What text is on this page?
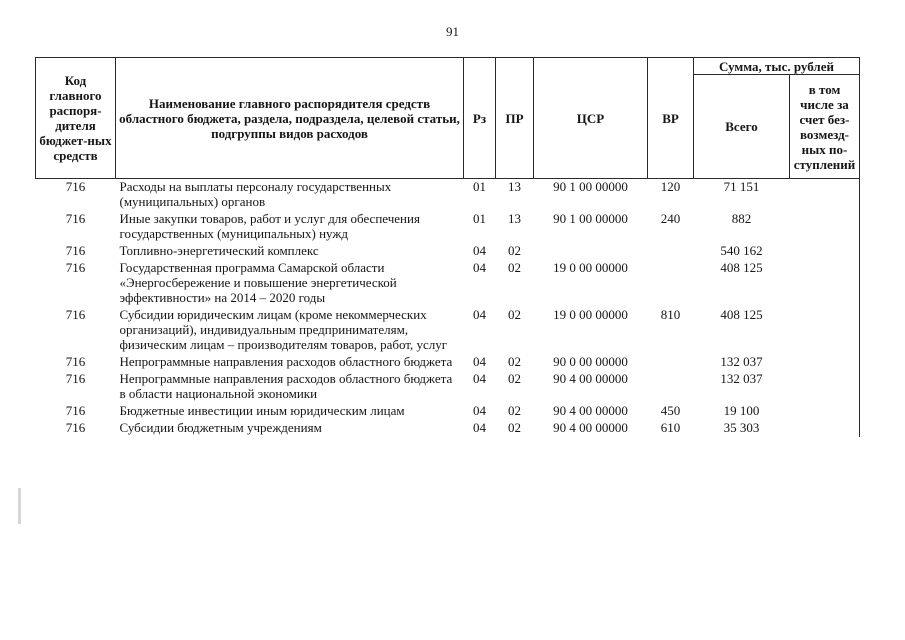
91
Код главного распоря-дителя бюджет-ных средств	Наименование главного распорядителя средств областного бюджета, раздела, подраздела, целевой статьи, подгруппы видов расходов	Рз	ПР	ЦСР	ВР	Сумма, тыс. рублей	
						Всего	в том числе за счет без-возмезд-ных по-ступлений
716	Расходы на выплаты персоналу государственных (муниципальных) органов	01	13	90 1 00 00000	120	71 151	
716	Иные закупки товаров, работ и услуг для обеспечения государственных (муниципальных) нужд	01	13	90 1 00 00000	240	882	
716	Топливно-энергетический комплекс	04	02			540 162	
716	Государственная программа Самарской области «Энергосбережение и повышение энергетической эффективности» на 2014 – 2020 годы	04	02	19 0 00 00000		408 125	
716	Субсидии юридическим лицам (кроме некоммерческих организаций), индивидуальным предпринимателям, физическим лицам – производителям товаров, работ, услуг	04	02	19 0 00 00000	810	408 125	
716	Непрограммные направления расходов областного бюджета	04	02	90 0 00 00000		132 037	
716	Непрограммные направления расходов областного бюджета в области национальной экономики	04	02	90 4 00 00000		132 037	
716	Бюджетные инвестиции иным юридическим лицам	04	02	90 4 00 00000	450	19 100	
716	Субсидии бюджетным учреждениям	04	02	90 4 00 00000	610	35 303	
